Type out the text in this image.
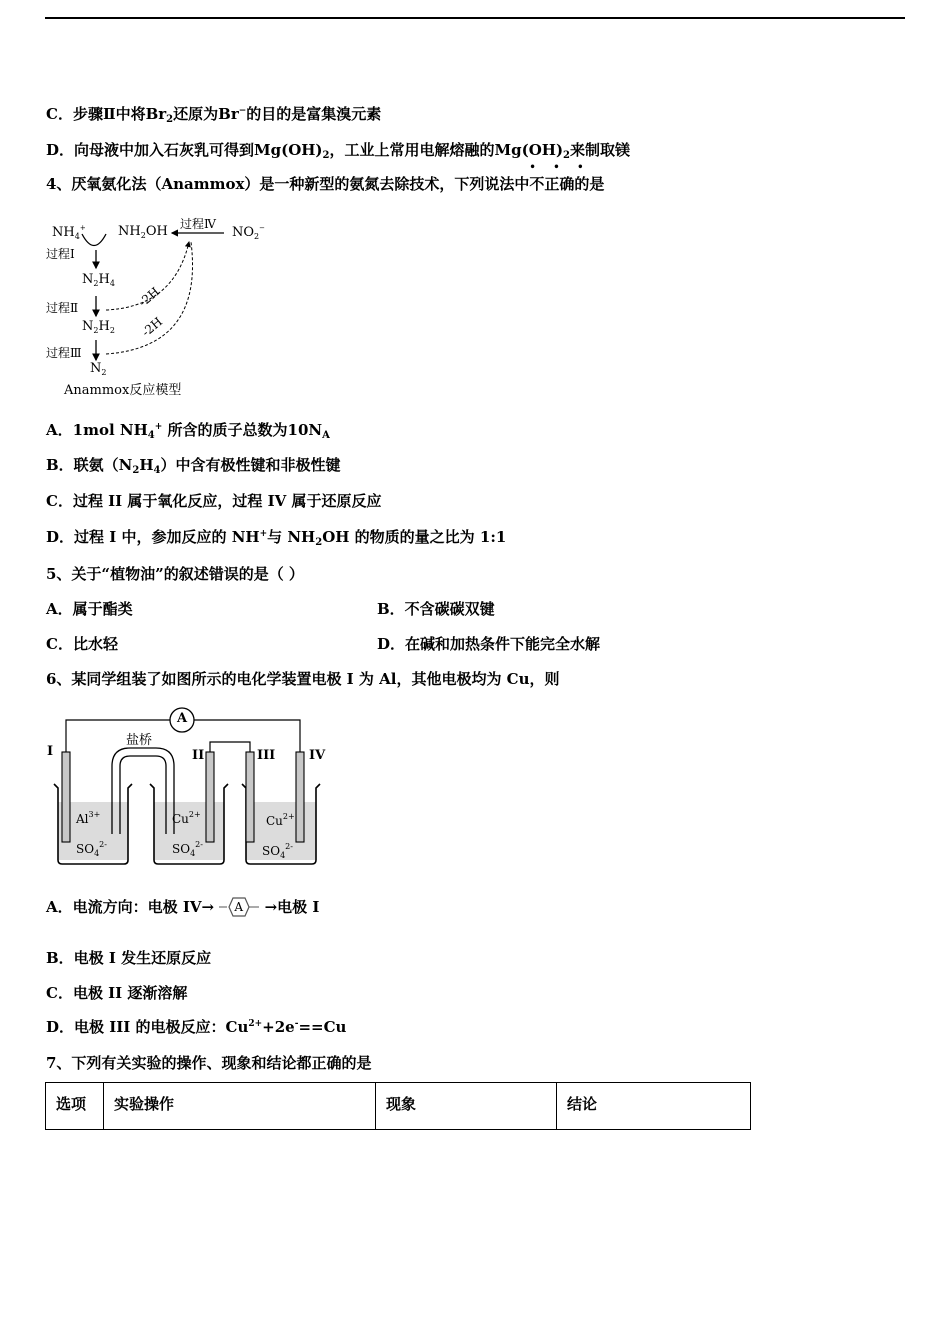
C．步骤Ⅱ中将$Br_2$还原为Br−的目的是富集溴元素
D．向母液中加入石灰乳可得到$Mg(OH)_2$，工业上常用电解熔融的$Mg(OH)_2$来制取镁
4、厌氧氨化法（Anammox）是一种新型的氨氮去除技术，下列说法中
• • •
不正确的是
$NH_4^+$ $NH_2OH$ 过程Ⅳ
$NO_2^-$
过程Ⅰ
$N_2H_4$
过程Ⅱ	-2H
$N_2H_2$ -2H
过程Ⅲ
$N_2$
Anammox反应模型
A．1mol $NH_4^+$ 所含的质子总数为$10N_A$
B．联氨$(N_2H_4)$中含有极性键和非极性键
C．过程 II 属于氧化反应，过程 IV 属于还原反应
D．过程 I 中，参加反应的 NH+与 $NH_2OH$ 的物质的量之比为 1:1
5、关于“植物油”的叙述错误的是（ ）
A．属于酯类	B．不含碳碳双键
C．比水轻	D．在碱和加热条件下能完全水解
6、某同学组装了如图所示的电化学装置电极 I 为 Al，其他电极均为 Cu，则
A
盐桥
I	II	III	IV
$Al^{3+}$
$SO_4^{2-}$
$Cu^{2+}$
$SO_4^{2-}$
$Cu^{2+}$
$SO_4^{2-}$
A．电流方向：电极 IV→ A →电极 I
B．电极 I 发生还原反应
C．电极 II 逐渐溶解
D．电极 III 的电极反应：$Cu^{2+}+2e^-==Cu$
7、下列有关实验的操作、现象和结论都正确的是
选项	实验操作	现象	结论
